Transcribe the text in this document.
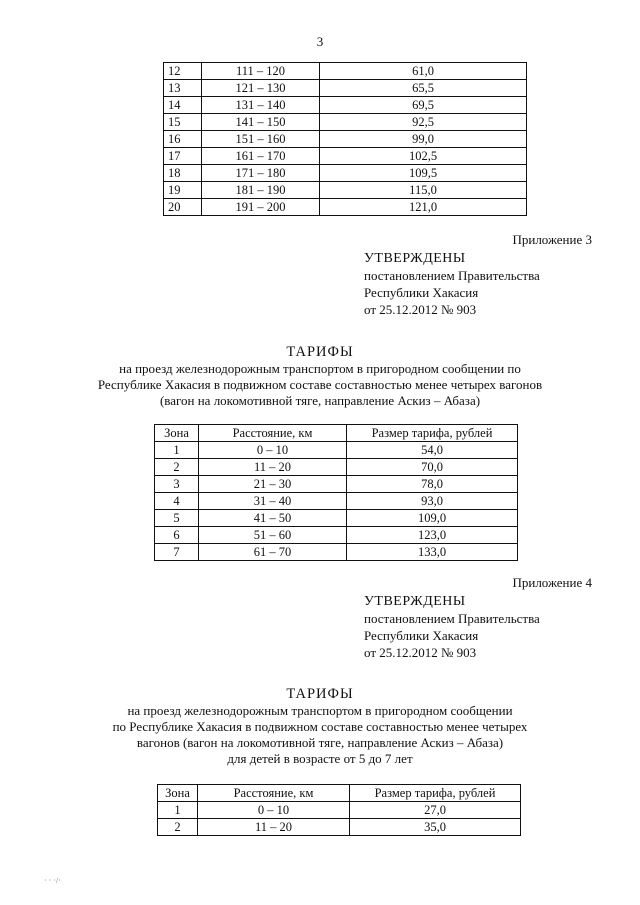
3
12	111 – 120	61,0
13	121 – 130	65,5
14	131 – 140	69,5
15	141 – 150	92,5
16	151 – 160	99,0
17	161 – 170	102,5
18	171 – 180	109,5
19	181 – 190	115,0
20	191 – 200	121,0
Приложение 3
УТВЕРЖДЕНЫ
постановлением Правительства
Республики Хакасия
от 25.12.2012 № 903
ТАРИФЫ
на проезд железнодорожным транспортом в пригородном сообщении по
Республике Хакасия в подвижном составе составностью менее четырех вагонов
(вагон на локомотивной тяге, направление Аскиз – Абаза)
Зона	Расстояние, км	Размер тарифа, рублей
1	0 – 10	54,0
2	11 – 20	70,0
3	21 – 30	78,0
4	31 – 40	93,0
5	41 – 50	109,0
6	51 – 60	123,0
7	61 – 70	133,0
Приложение 4
УТВЕРЖДЕНЫ
постановлением Правительства
Республики Хакасия
от 25.12.2012 № 903
ТАРИФЫ
на проезд железнодорожным транспортом в пригородном сообщении
по Республике Хакасия в подвижном составе составностью менее четырех
вагонов (вагон на локомотивной тяге, направление Аскиз – Абаза)
для детей в возрасте от 5 до 7 лет
Зона	Расстояние, км	Размер тарифа, рублей
1	0 – 10	27,0
2	11 – 20	35,0
· · ·/·
